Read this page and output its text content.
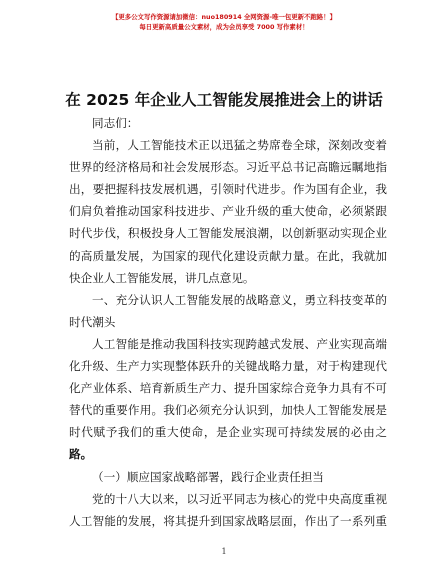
【更多公文写作资源请加微信：nuo180914 全网资源-唯一包更新不跑路！】
每日更新高质量公文素材，成为会员享受 7000 写作素材！
在 2025 年企业人工智能发展推进会上的讲话
同志们：
当前，人工智能技术正以迅猛之势席卷全球，深刻改变着
世界的经济格局和社会发展形态。习近平总书记高瞻远瞩地指
出，要把握科技发展机遇，引领时代进步。作为国有企业，我
们肩负着推动国家科技进步、产业升级的重大使命，必须紧跟
时代步伐，积极投身人工智能发展浪潮，以创新驱动实现企业
的高质量发展，为国家的现代化建设贡献力量。在此，我就加
快企业人工智能发展，讲几点意见。
一、充分认识人工智能发展的战略意义，勇立科技变革的
时代潮头
人工智能是推动我国科技实现跨越式发展、产业实现高端
化升级、生产力实现整体跃升的关键战略力量，对于构建现代
化产业体系、培育新质生产力、提升国家综合竞争力具有不可
替代的重要作用。我们必须充分认识到，加快人工智能发展是
时代赋予我们的重大使命，是企业实现可持续发展的必由之
路。
（一）顺应国家战略部署，践行企业责任担当
党的十八大以来，以习近平同志为核心的党中央高度重视
人工智能的发展，将其提升到国家战略层面，作出了一系列重
1
